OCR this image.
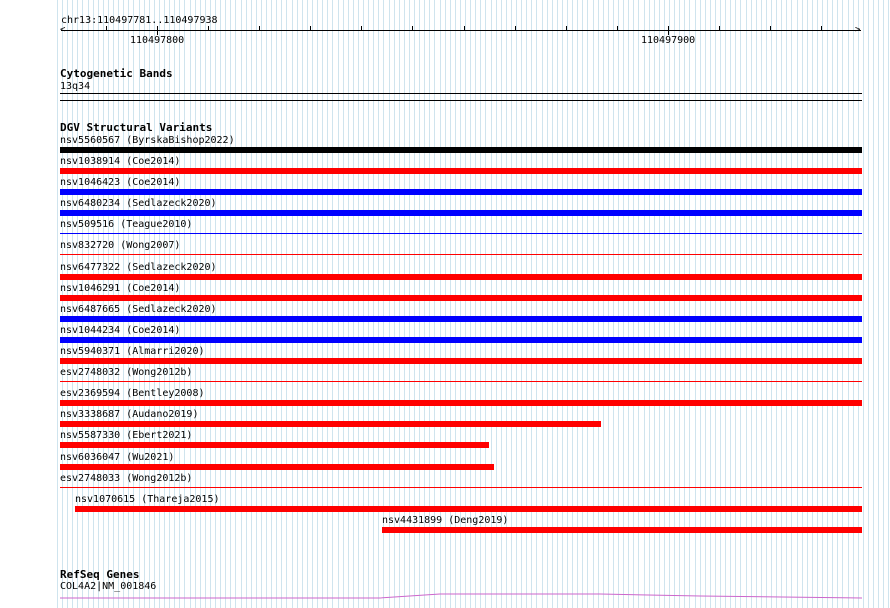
chr13:110497781..110497938
<	>
110497800	110497900
Cytogenetic Bands
13q34
DGV Structural Variants
nsv5560567 (ByrskaBishop2022)
nsv1038914 (Coe2014)
nsv1046423 (Coe2014)
nsv6480234 (Sedlazeck2020)
nsv509516 (Teague2010)
nsv832720 (Wong2007)
nsv6477322 (Sedlazeck2020)
nsv1046291 (Coe2014)
nsv6487665 (Sedlazeck2020)
nsv1044234 (Coe2014)
nsv5940371 (Almarri2020)
esv2748032 (Wong2012b)
esv2369594 (Bentley2008)
nsv3338687 (Audano2019)
nsv5587330 (Ebert2021)
nsv6036047 (Wu2021)
esv2748033 (Wong2012b)
nsv1070615 (Thareja2015)
nsv4431899 (Deng2019)
RefSeq Genes
COL4A2|NM_001846
